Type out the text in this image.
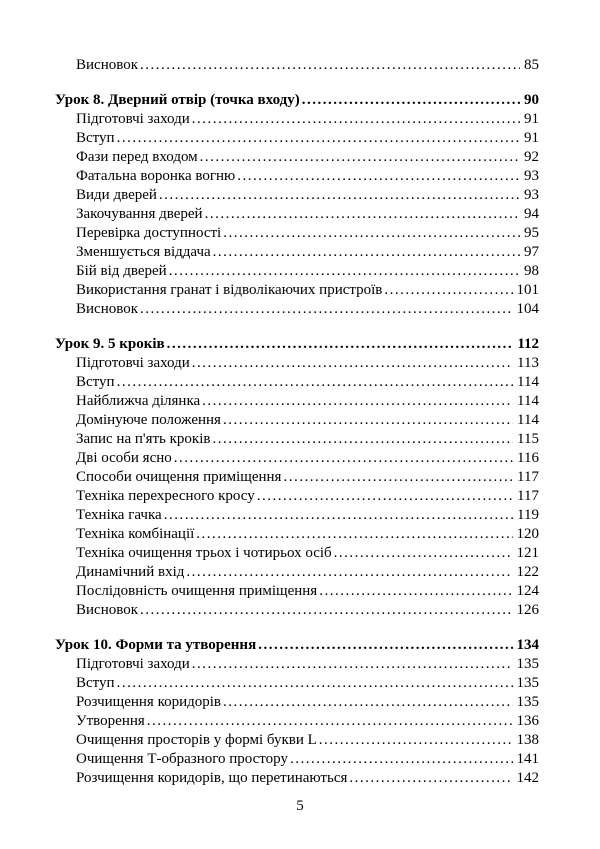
Висновок .....	85
Урок 8. Дверний отвір (точка входу) .....	90
Підготовчі заходи .....	91
Вступ .....	91
Фази перед входом .....	92
Фатальна воронка вогню .....	93
Види дверей .....	93
Закочування дверей .....	94
Перевірка доступності .....	95
Зменшується віддача .....	97
Бій від дверей .....	98
Використання гранат і відволікаючих пристроїв .....	101
Висновок .....	104
Урок 9. 5 кроків .....	112
Підготовчі заходи .....	113
Вступ .....	114
Найближча ділянка .....	114
Домінуюче положення .....	114
Запис на п'ять кроків .....	115
Дві особи ясно .....	116
Способи очищення приміщення .....	117
Техніка перехресного кросу .....	117
Техніка гачка .....	119
Техніка комбінації .....	120
Техніка очищення трьох і чотирьох осіб .....	121
Динамічний вхід .....	122
Послідовність очищення приміщення .....	124
Висновок .....	126
Урок 10. Форми та утворення .....	134
Підготовчі заходи .....	135
Вступ .....	135
Розчищення коридорів .....	135
Утворення .....	136
Очищення просторів у формі букви L .....	138
Очищення Т-образного простору .....	141
Розчищення коридорів, що перетинаються .....	142
5
